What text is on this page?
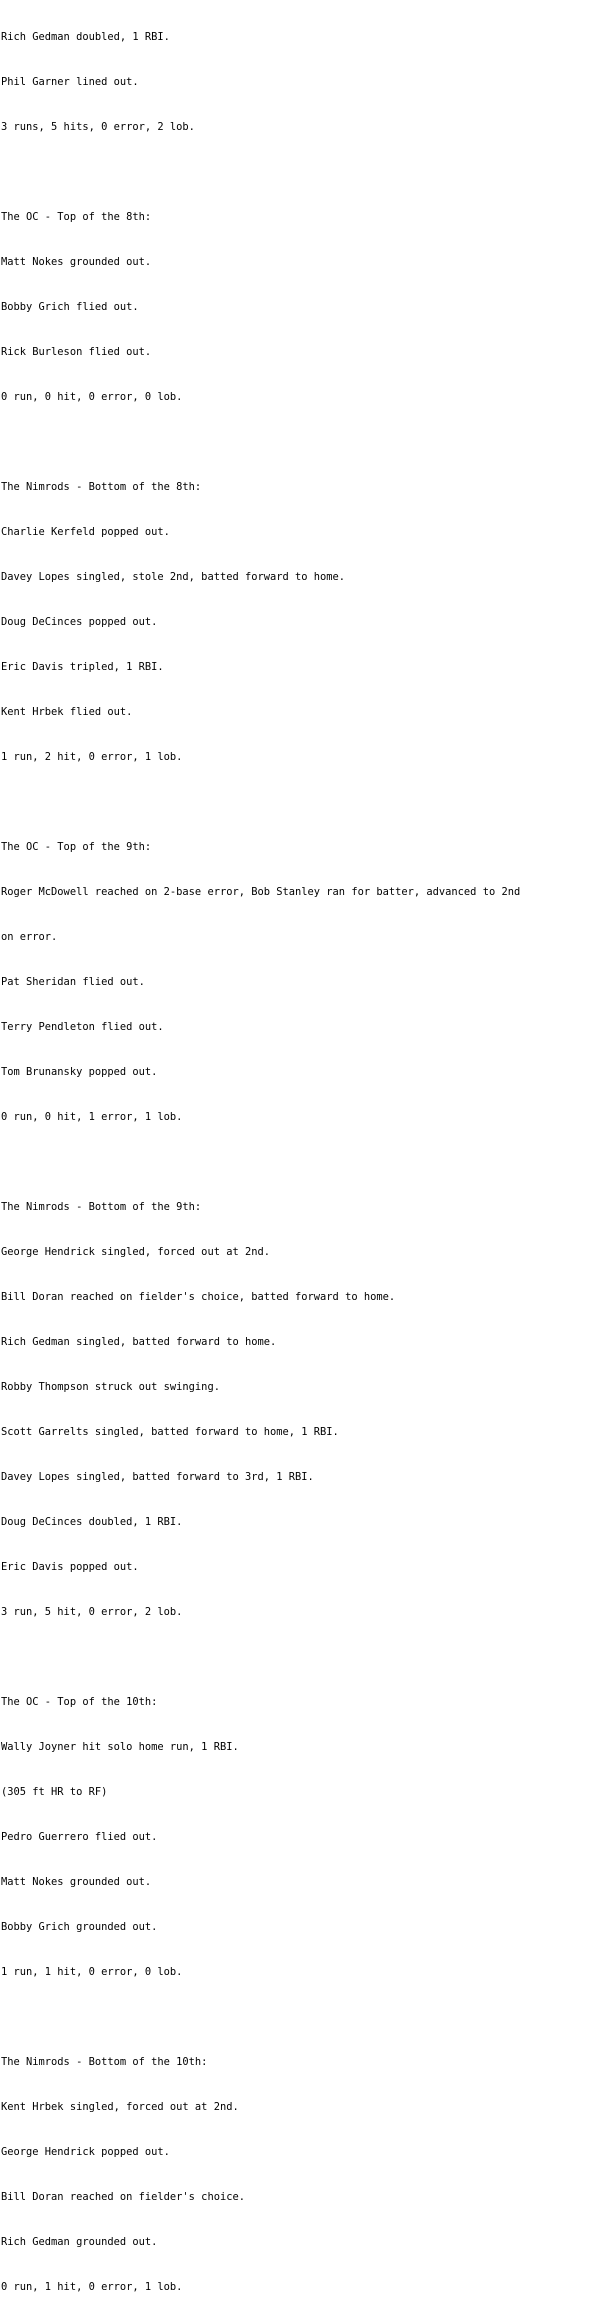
Rich Gedman doubled, 1 RBI.

Phil Garner lined out.

3 runs, 5 hits, 0 error, 2 lob.

The OC - Top of the 8th:

Matt Nokes grounded out.

Bobby Grich flied out.

Rick Burleson flied out.

0 run, 0 hit, 0 error, 0 lob.

The Nimrods - Bottom of the 8th:

Charlie Kerfeld popped out.

Davey Lopes singled, stole 2nd, batted forward to home.

Doug DeCinces popped out.

Eric Davis tripled, 1 RBI.

Kent Hrbek flied out.

1 run, 2 hit, 0 error, 1 lob.

The OC - Top of the 9th:

Roger McDowell reached on 2-base error, Bob Stanley ran for batter, advanced to 2nd

on error.

Pat Sheridan flied out.

Terry Pendleton flied out.

Tom Brunansky popped out.

0 run, 0 hit, 1 error, 1 lob.

The Nimrods - Bottom of the 9th:

George Hendrick singled, forced out at 2nd.

Bill Doran reached on fielder's choice, batted forward to home.

Rich Gedman singled, batted forward to home.

Robby Thompson struck out swinging.

Scott Garrelts singled, batted forward to home, 1 RBI.

Davey Lopes singled, batted forward to 3rd, 1 RBI.

Doug DeCinces doubled, 1 RBI.

Eric Davis popped out.

3 run, 5 hit, 0 error, 2 lob.

The OC - Top of the 10th:

Wally Joyner hit solo home run, 1 RBI.

(305 ft HR to RF)

Pedro Guerrero flied out.

Matt Nokes grounded out.

Bobby Grich grounded out.

1 run, 1 hit, 0 error, 0 lob.

The Nimrods - Bottom of the 10th:

Kent Hrbek singled, forced out at 2nd.

George Hendrick popped out.

Bill Doran reached on fielder's choice.

Rich Gedman grounded out.

0 run, 1 hit, 0 error, 1 lob.
